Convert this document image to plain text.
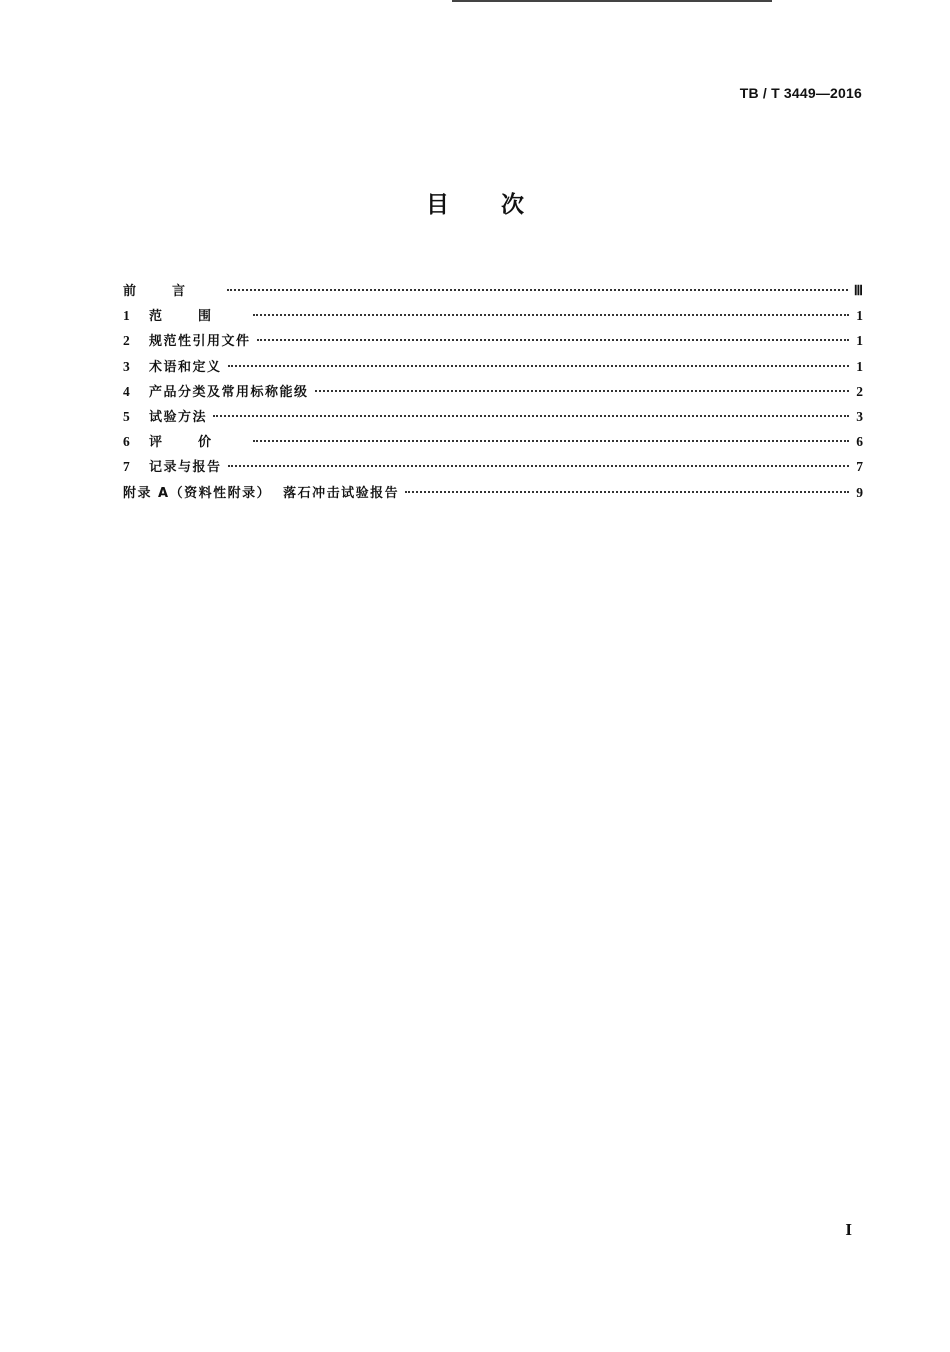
TB / T 3449—2016
目次
前言	Ⅲ
1	范围	1
2	规范性引用文件	1
3	术语和定义	1
4	产品分类及常用标称能级	2
5	试验方法	3
6	评价	6
7	记录与报告	7
附录 A（资料性附录）  落石冲击试验报告	9
I
